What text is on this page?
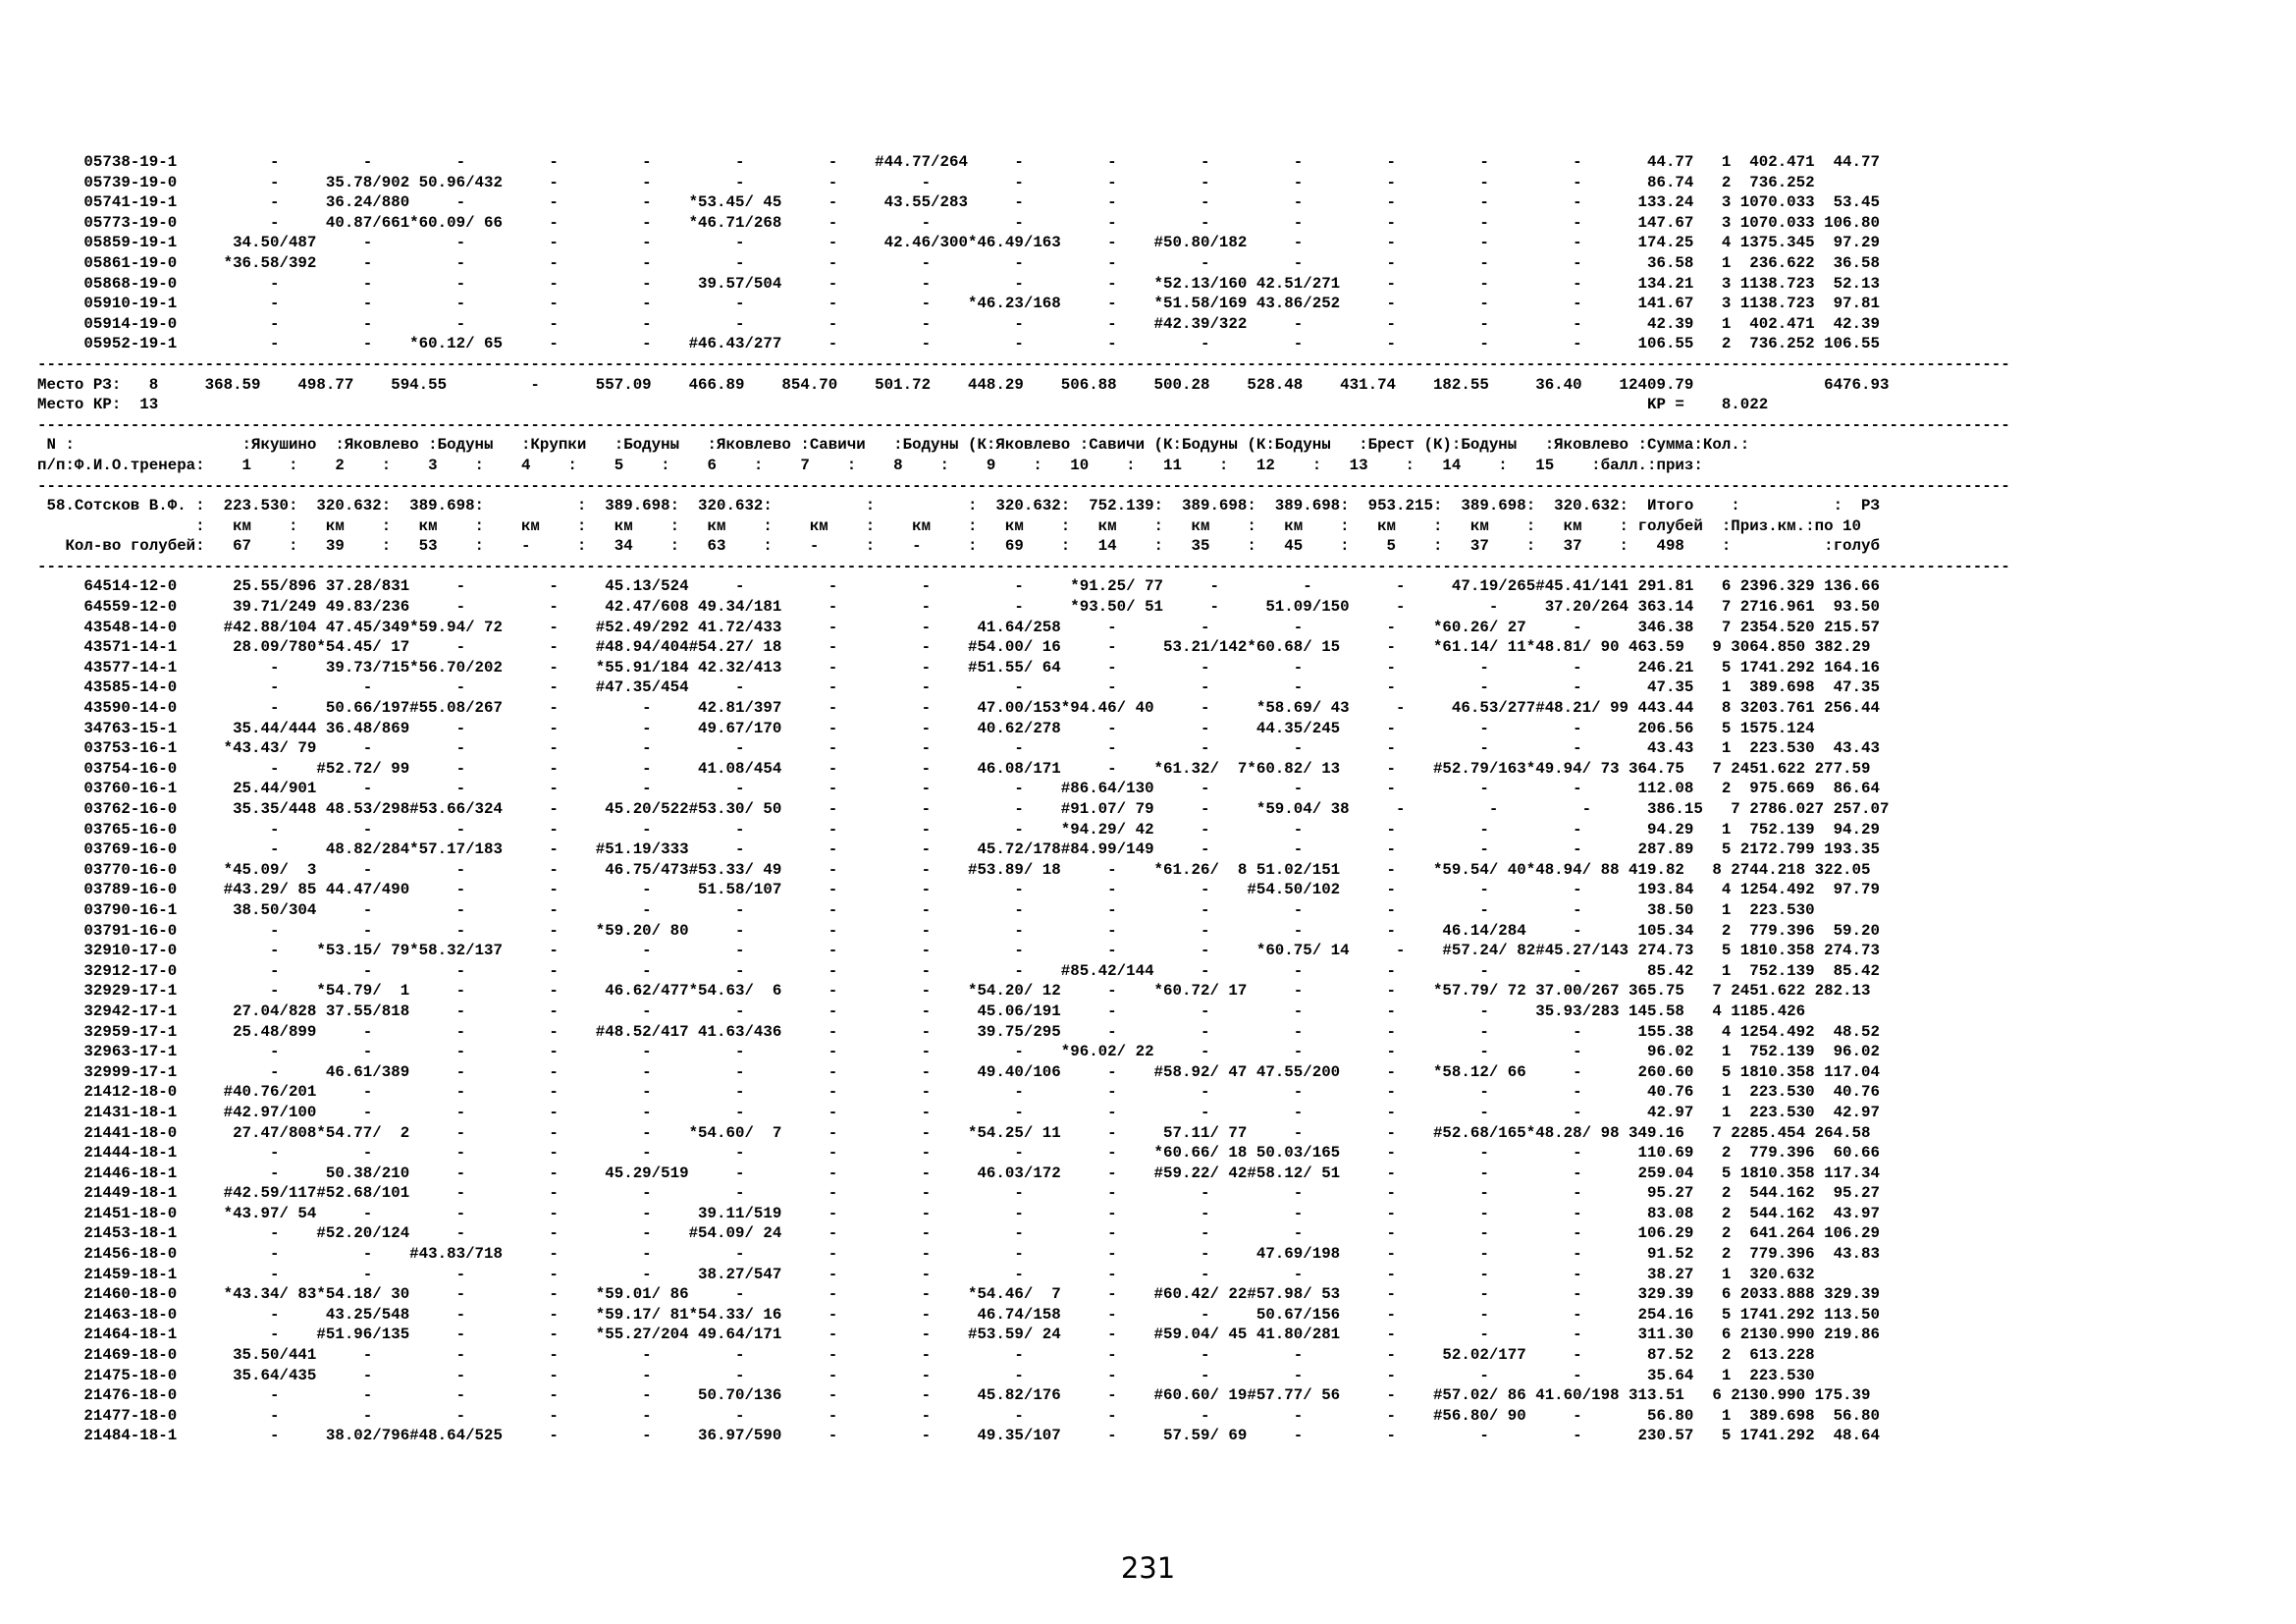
05738-19-1          -         -         -         -         -         -         -    #44.77/264     -         -         -         -         -         -         -       44.77   1  402.471  44.77
05739-19-0          -     35.78/902 50.96/432     -         -         -         -         -         -         -         -         -         -         -         -       86.74   2  736.252
05741-19-1          -     36.24/880     -         -         -    *53.45/ 45     -     43.55/283     -         -         -         -         -         -         -      133.24   3 1070.033  53.45
05773-19-0          -     40.87/661*60.09/ 66     -         -    *46.71/268     -         -         -         -         -         -         -         -         -      147.67   3 1070.033 106.80
05859-19-1      34.50/487     -         -         -         -         -         -     42.46/300*46.49/163     -    #50.80/182     -         -         -         -      174.25   4 1375.345  97.29
05861-19-0     *36.58/392     -         -         -         -         -         -         -         -         -         -         -         -         -         -       36.58   1  236.622  36.58
05868-19-0          -         -         -         -         -     39.57/504     -         -         -         -    *52.13/160 42.51/271     -         -         -      134.21   3 1138.723  52.13
05910-19-1          -         -         -         -         -         -         -         -    *46.23/168     -    *51.58/169 43.86/252     -         -         -      141.67   3 1138.723  97.81
05914-19-0          -         -         -         -         -         -         -         -         -         -    #42.39/322     -         -         -         -       42.39   1  402.471  42.39
05952-19-1          -         -    *60.12/ 65     -         -    #46.43/277     -         -         -         -         -         -         -         -         -      106.55   2  736.252 106.55
--------------------------------------------------------------------------------------------------------------------------------------------------------------------------------------------------------------------
Место РЗ:   8     368.59    498.77    594.55         -      557.09    466.89    854.70    501.72    448.29    506.88    500.28    528.48    431.74    182.55     36.40    12409.79              6476.93
Место КР:  13                                                                                                                                                                KР =    8.022
--------------------------------------------------------------------------------------------------------------------------------------------------------------------------------------------------------------------
N :                  :Якушино  :Яковлево :Бодуны   :Крупки   :Бодуны   :Яковлево :Савичи   :Бодуны (К:Яковлево :Савичи (К:Бодуны (К:Бодуны   :Брест (К):Бодуны   :Яковлево :Сумма:Кол.:
п/п:Ф.И.О.тренера:    1    :    2    :    3    :    4    :    5    :    6    :    7    :    8    :    9    :   10    :   11    :   12    :   13    :   14    :   15    :балл.:приз:
--------------------------------------------------------------------------------------------------------------------------------------------------------------------------------------------------------------------
58.Сотсков В.Ф. :  223.530:  320.632:  389.698:          :  389.698:  320.632:          :          :  320.632:  752.139:  389.698:  389.698:  953.215:  389.698:  320.632:  Итого    :          :  РЗ
:   км    :   км    :   км    :    км    :   км    :   км    :    км    :    км    :   км    :   км    :   км    :   км    :   км    :   км    :   км    : голубей  :Приз.км.:по 10
Кол-во голубей:   67    :   39    :   53    :    -     :   34    :   63    :    -     :    -     :   69    :   14    :   35    :   45    :    5    :   37    :   37    :   498    :          :голуб
--------------------------------------------------------------------------------------------------------------------------------------------------------------------------------------------------------------------
64514-12-0      25.55/896 37.28/831     -         -     45.13/524     -         -         -         -     *91.25/ 77     -         -         -     47.19/265#45.41/141 291.81   6 2396.329 136.66
64559-12-0      39.71/249 49.83/236     -         -     42.47/608 49.34/181     -         -         -     *93.50/ 51     -     51.09/150     -         -     37.20/264 363.14   7 2716.961  93.50
43548-14-0     #42.88/104 47.45/349*59.94/ 72     -    #52.49/292 41.72/433     -         -     41.64/258     -         -         -         -    *60.26/ 27     -      346.38   7 2354.520 215.57
43571-14-1      28.09/780*54.45/ 17     -         -    #48.94/404#54.27/ 18     -         -    #54.00/ 16     -     53.21/142*60.68/ 15     -    *61.14/ 11*48.81/ 90 463.59   9 3064.850 382.29
43577-14-1          -     39.73/715*56.70/202     -    *55.91/184 42.32/413     -         -    #51.55/ 64     -         -         -         -         -         -      246.21   5 1741.292 164.16
43585-14-0          -         -         -         -    #47.35/454     -         -         -         -         -         -         -         -         -         -       47.35   1  389.698  47.35
43590-14-0          -     50.66/197#55.08/267     -         -     42.81/397     -         -     47.00/153*94.46/ 40     -     *58.69/ 43     -     46.53/277#48.21/ 99 443.44   8 3203.761 256.44
34763-15-1      35.44/444 36.48/869     -         -         -     49.67/170     -         -     40.62/278     -         -     44.35/245     -         -         -      206.56   5 1575.124
03753-16-1     *43.43/ 79     -         -         -         -         -         -         -         -         -         -         -         -         -         -       43.43   1  223.530  43.43
03754-16-0          -    #52.72/ 99     -         -         -     41.08/454     -         -     46.08/171     -    *61.32/  7*60.82/ 13     -    #52.79/163*49.94/ 73 364.75   7 2451.622 277.59
03760-16-1      25.44/901     -         -         -         -         -         -         -         -    #86.64/130     -         -         -         -         -      112.08   2  975.669  86.64
03762-16-0      35.35/448 48.53/298#53.66/324     -     45.20/522#53.30/ 50     -         -         -    #91.07/ 79     -     *59.04/ 38     -         -         -      386.15   7 2786.027 257.07
03765-16-0          -         -         -         -         -         -         -         -         -    *94.29/ 42     -         -         -         -         -       94.29   1  752.139  94.29
03769-16-0          -     48.82/284*57.17/183     -    #51.19/333     -         -         -     45.72/178#84.99/149     -         -         -         -         -      287.89   5 2172.799 193.35
03770-16-0     *45.09/  3     -         -         -     46.75/473#53.33/ 49     -         -    #53.89/ 18     -    *61.26/  8 51.02/151     -    *59.54/ 40*48.94/ 88 419.82   8 2744.218 322.05
03789-16-0     #43.29/ 85 44.47/490     -         -         -     51.58/107     -         -         -         -         -    #54.50/102     -         -         -      193.84   4 1254.492  97.79
03790-16-1      38.50/304     -         -         -         -         -         -         -         -         -         -         -         -         -         -       38.50   1  223.530
03791-16-0          -         -         -         -    *59.20/ 80     -         -         -         -         -         -         -         -     46.14/284     -      105.34   2  779.396  59.20
32910-17-0          -    *53.15/ 79*58.32/137     -         -         -         -         -         -         -         -     *60.75/ 14     -    #57.24/ 82#45.27/143 274.73   5 1810.358 274.73
32912-17-0          -         -         -         -         -         -         -         -         -    #85.42/144     -         -         -         -         -       85.42   1  752.139  85.42
32929-17-1          -    *54.79/  1     -         -     46.62/477*54.63/  6     -         -    *54.20/ 12     -    *60.72/ 17     -         -    *57.79/ 72 37.00/267 365.75   7 2451.622 282.13
32942-17-1      27.04/828 37.55/818     -         -         -         -         -         -     45.06/191     -         -         -         -         -     35.93/283 145.58   4 1185.426
32959-17-1      25.48/899     -         -         -    #48.52/417 41.63/436     -         -     39.75/295     -         -         -         -         -         -      155.38   4 1254.492  48.52
32963-17-1          -         -         -         -         -         -         -         -         -    *96.02/ 22     -         -         -         -         -       96.02   1  752.139  96.02
32999-17-1          -     46.61/389     -         -         -         -         -         -     49.40/106     -    #58.92/ 47 47.55/200     -    *58.12/ 66     -      260.60   5 1810.358 117.04
21412-18-0     #40.76/201     -         -         -         -         -         -         -         -         -         -         -         -         -         -       40.76   1  223.530  40.76
21431-18-1     #42.97/100     -         -         -         -         -         -         -         -         -         -         -         -         -         -       42.97   1  223.530  42.97
21441-18-0      27.47/808*54.77/  2     -         -         -    *54.60/  7     -         -    *54.25/ 11     -     57.11/ 77     -         -    #52.68/165*48.28/ 98 349.16   7 2285.454 264.58
21444-18-1          -         -         -         -         -         -         -         -         -         -    *60.66/ 18 50.03/165     -         -         -      110.69   2  779.396  60.66
21446-18-1          -     50.38/210     -         -     45.29/519     -         -         -     46.03/172     -    #59.22/ 42#58.12/ 51     -         -         -      259.04   5 1810.358 117.34
21449-18-1     #42.59/117#52.68/101     -         -         -         -         -         -         -         -         -         -         -         -         -       95.27   2  544.162  95.27
21451-18-0     *43.97/ 54     -         -         -         -     39.11/519     -         -         -         -         -         -         -         -         -       83.08   2  544.162  43.97
21453-18-1          -    #52.20/124     -         -         -    #54.09/ 24     -         -         -         -         -         -         -         -         -      106.29   2  641.264 106.29
21456-18-0          -         -    #43.83/718     -         -         -         -         -         -         -         -     47.69/198     -         -         -       91.52   2  779.396  43.83
21459-18-1          -         -         -         -         -     38.27/547     -         -         -         -         -         -         -         -         -       38.27   1  320.632
21460-18-0     *43.34/ 83*54.18/ 30     -         -    *59.01/ 86     -         -         -    *54.46/  7     -    #60.42/ 22#57.98/ 53     -         -         -      329.39   6 2033.888 329.39
21463-18-0          -     43.25/548     -         -    *59.17/ 81*54.33/ 16     -         -     46.74/158     -         -     50.67/156     -         -         -      254.16   5 1741.292 113.50
21464-18-1          -    #51.96/135     -         -    *55.27/204 49.64/171     -         -    #53.59/ 24     -    #59.04/ 45 41.80/281     -         -         -      311.30   6 2130.990 219.86
21469-18-0      35.50/441     -         -         -         -         -         -         -         -         -         -         -         -     52.02/177     -       87.52   2  613.228
21475-18-0      35.64/435     -         -         -         -         -         -         -         -         -         -         -         -         -         -       35.64   1  223.530
21476-18-0          -         -         -         -         -     50.70/136     -         -     45.82/176     -    #60.60/ 19#57.77/ 56     -    #57.02/ 86 41.60/198 313.51   6 2130.990 175.39
21477-18-0          -         -         -         -         -         -         -         -         -         -         -         -         -    #56.80/ 90     -       56.80   1  389.698  56.80
21484-18-1          -     38.02/796#48.64/525     -         -     36.97/590     -         -     49.35/107     -     57.59/ 69     -         -         -         -      230.57   5 1741.292  48.64
231
